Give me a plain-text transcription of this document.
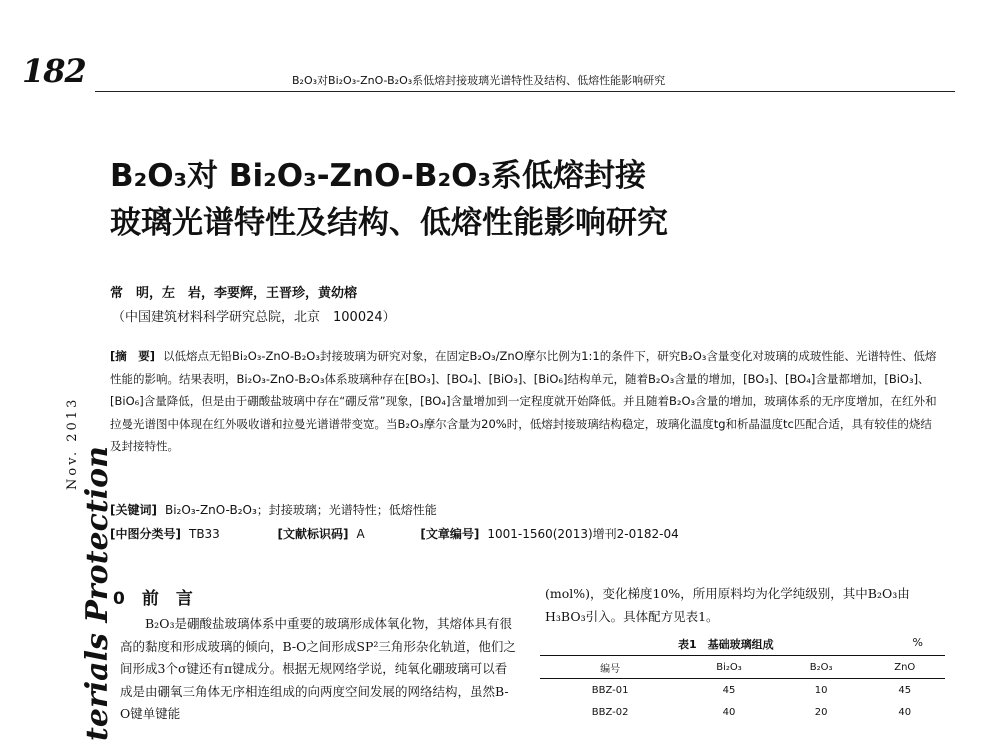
182	B₂O₃对Bi₂O₃-ZnO-B₂O₃系低熔封接玻璃光谱特性及结构、低熔性能影响研究
Nov. 2013
terials Protection
B₂O₃对 Bi₂O₃-ZnO-B₂O₃系低熔封接
玻璃光谱特性及结构、低熔性能影响研究
常　明，左　岩，李要辉，王晋珍，黄幼榕
（中国建筑材料科学研究总院，北京　100024）

[摘　要] 以低熔点无铅Bi₂O₃-ZnO-B₂O₃封接玻璃为研究对象，在固定B₂O₃/ZnO摩尔比例为1:1的条件下，研究B₂O₃含量变化对玻璃的成玻性能、光谱特性、低熔性能的影响。结果表明，Bi₂O₃-ZnO-B₂O₃体系玻璃种存在[BO₃]、[BO₄]、[BiO₃]、[BiO₆]结构单元，随着B₂O₃含量的增加，[BO₃]、[BO₄]含量都增加，[BiO₃]、[BiO₆]含量降低，但是由于硼酸盐玻璃中存在“硼反常”现象，[BO₄]含量增加到一定程度就开始降低。并且随着B₂O₃含量的增加，玻璃体系的无序度增加，在红外和拉曼光谱图中体现在红外吸收谱和拉曼光谱谱带变宽。当B₂O₃摩尔含量为20%时，低熔封接玻璃结构稳定，玻璃化温度tg和析晶温度tc匹配合适，具有较佳的烧结及封接特性。

[关键词] Bi₂O₃-ZnO-B₂O₃；封接玻璃；光谱特性；低熔性能
[中图分类号] TB33	[文献标识码] A	[文章编号] 1001-1560(2013)增刊2-0182-04
0　前　言

B₂O₃是硼酸盐玻璃体系中重要的玻璃形成体氧化物，其熔体具有很高的黏度和形成玻璃的倾向，B-O之间形成SP²三角形杂化轨道，他们之间形成3个σ键还有π键成分。根据无规网络学说，纯氧化硼玻璃可以看成是由硼氧三角体无序相连组成的向两度空间发展的网络结构，虽然B-O键单键能

(mol%)，变化梯度10%，所用原料均为化学纯级别，其中B₂O₃由H₃BO₃引入。具体配方见表1。

表1　基础玻璃组成	%
编号	Bi₂O₃	B₂O₃	ZnO
BBZ-01	45	10	45
BBZ-02	40	20	40
